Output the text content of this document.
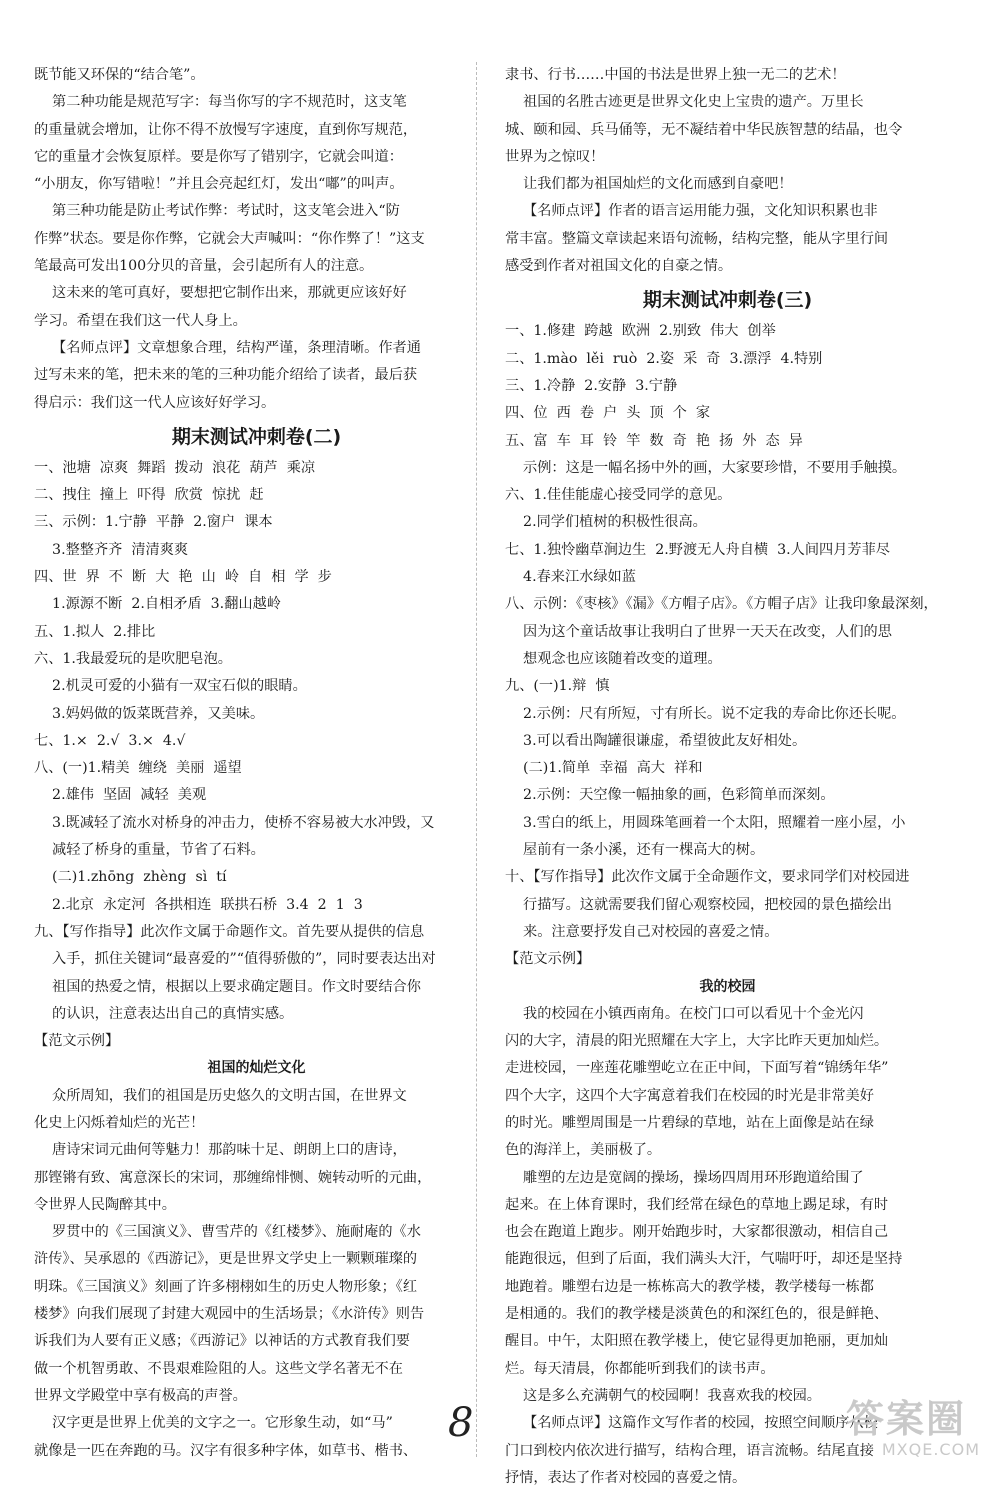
既节能又环保的“结合笔”。
第二种功能是规范写字：每当你写的字不规范时，这支笔
的重量就会增加，让你不得不放慢写字速度，直到你写规范，
它的重量才会恢复原样。要是你写了错别字，它就会叫道：
“小朋友，你写错啦！”并且会亮起红灯，发出“嘟”的叫声。
第三种功能是防止考试作弊：考试时，这支笔会进入“防
作弊”状态。要是你作弊，它就会大声喊叫：“你作弊了！”这支
笔最高可发出100分贝的音量，会引起所有人的注意。
这未来的笔可真好，要想把它制作出来，那就更应该好好
学习。希望在我们这一代人身上。
【名师点评】文章想象合理，结构严谨，条理清晰。作者通
过写未来的笔，把未来的笔的三种功能介绍给了读者，最后获
得启示：我们这一代人应该好好学习。
期末测试冲刺卷(二)
一、池塘  凉爽  舞蹈  拨动  浪花  葫芦  乘凉
二、拽住  撞上  吓得  欣赏  惊扰  赶
三、示例：1.宁静  平静  2.窗户  课本
3.整整齐齐  清清爽爽
四、世  界  不  断  大  艳  山  岭  自  相  学  步
1.源源不断  2.自相矛盾  3.翻山越岭
五、1.拟人  2.排比
六、1.我最爱玩的是吹肥皂泡。
2.机灵可爱的小猫有一双宝石似的眼睛。
3.妈妈做的饭菜既营养，又美味。
七、1.×  2.√  3.×  4.√
八、(一)1.精美  缠绕  美丽  遥望
2.雄伟  坚固  减轻  美观
3.既减轻了流水对桥身的冲击力，使桥不容易被大水冲毁，又
减轻了桥身的重量，节省了石料。
(二)1.zhōng  zhèng  sì  tí
2.北京  永定河  各拱相连  联拱石桥  3.4  2  1  3
九、【写作指导】此次作文属于命题作文。首先要从提供的信息
入手，抓住关键词“最喜爱的”“值得骄傲的”，同时要表达出对
祖国的热爱之情，根据以上要求确定题目。作文时要结合你
的认识，注意表达出自己的真情实感。
【范文示例】
祖国的灿烂文化
众所周知，我们的祖国是历史悠久的文明古国，在世界文
化史上闪烁着灿烂的光芒！
唐诗宋词元曲何等魅力！那韵味十足、朗朗上口的唐诗，
那铿锵有致、寓意深长的宋词，那缠绵悱恻、婉转动听的元曲，
令世界人民陶醉其中。
罗贯中的《三国演义》、曹雪芹的《红楼梦》、施耐庵的《水
浒传》、吴承恩的《西游记》，更是世界文学史上一颗颗璀璨的
明珠。《三国演义》刻画了许多栩栩如生的历史人物形象；《红
楼梦》向我们展现了封建大观园中的生活场景；《水浒传》则告
诉我们为人要有正义感；《西游记》以神话的方式教育我们要
做一个机智勇敢、不畏艰难险阻的人。这些文学名著无不在
世界文学殿堂中享有极高的声誉。
汉字更是世界上优美的文字之一。它形象生动，如“马”
就像是一匹在奔跑的马。汉字有很多种字体，如草书、楷书、
隶书、行书……中国的书法是世界上独一无二的艺术！
祖国的名胜古迹更是世界文化史上宝贵的遗产。万里长
城、颐和园、兵马俑等，无不凝结着中华民族智慧的结晶，也令
世界为之惊叹！
让我们都为祖国灿烂的文化而感到自豪吧！
【名师点评】作者的语言运用能力强，文化知识积累也非
常丰富。整篇文章读起来语句流畅，结构完整，能从字里行间
感受到作者对祖国文化的自豪之情。
期末测试冲刺卷(三)
一、1.修建  跨越  欧洲  2.别致  伟大  创举
二、1.mào  lěi  ruò  2.姿  采  奇  3.漂浮  4.特别
三、1.冷静  2.安静  3.宁静
四、位  西  卷  户  头  顶  个  家
五、富  车  耳  铃  竿  数  奇  艳  扬  外  态  异
示例：这是一幅名扬中外的画，大家要珍惜，不要用手触摸。
六、1.佳佳能虚心接受同学的意见。
2.同学们植树的积极性很高。
七、1.独怜幽草涧边生  2.野渡无人舟自横  3.人间四月芳菲尽
4.春来江水绿如蓝
八、示例：《枣核》《漏》《方帽子店》。《方帽子店》让我印象最深刻，
因为这个童话故事让我明白了世界一天天在改变，人们的思
想观念也应该随着改变的道理。
九、(一)1.辩  慎
2.示例：尺有所短，寸有所长。说不定我的寿命比你还长呢。
3.可以看出陶罐很谦虚，希望彼此友好相处。
(二)1.简单  幸福  高大  祥和
2.示例：天空像一幅抽象的画，色彩简单而深刻。
3.雪白的纸上，用圆珠笔画着一个太阳，照耀着一座小屋，小
屋前有一条小溪，还有一棵高大的树。
十、【写作指导】此次作文属于全命题作文，要求同学们对校园进
行描写。这就需要我们留心观察校园，把校园的景色描绘出
来。注意要抒发自己对校园的喜爱之情。
【范文示例】
我的校园
我的校园在小镇西南角。在校门口可以看见十个金光闪
闪的大字，清晨的阳光照耀在大字上，大字比昨天更加灿烂。
走进校园，一座莲花雕塑屹立在正中间，下面写着“锦绣年华”
四个大字，这四个大字寓意着我们在校园的时光是非常美好
的时光。雕塑周围是一片碧绿的草地，站在上面像是站在绿
色的海洋上，美丽极了。
雕塑的左边是宽阔的操场，操场四周用环形跑道给围了
起来。在上体育课时，我们经常在绿色的草地上踢足球，有时
也会在跑道上跑步。刚开始跑步时，大家都很激动，相信自己
能跑很远，但到了后面，我们满头大汗，气喘吁吁，却还是坚持
地跑着。雕塑右边是一栋栋高大的教学楼，教学楼每一栋都
是相通的。我们的教学楼是淡黄色的和深红色的，很是鲜艳、
醒目。中午，太阳照在教学楼上，使它显得更加艳丽，更加灿
烂。每天清晨，你都能听到我们的读书声。
这是多么充满朝气的校园啊！我喜欢我的校园。
【名师点评】这篇作文写作者的校园，按照空间顺序从校
门口到校内依次进行描写，结构合理，语言流畅。结尾直接
抒情，表达了作者对校园的喜爱之情。
8	答案圈
MXQE.COM
